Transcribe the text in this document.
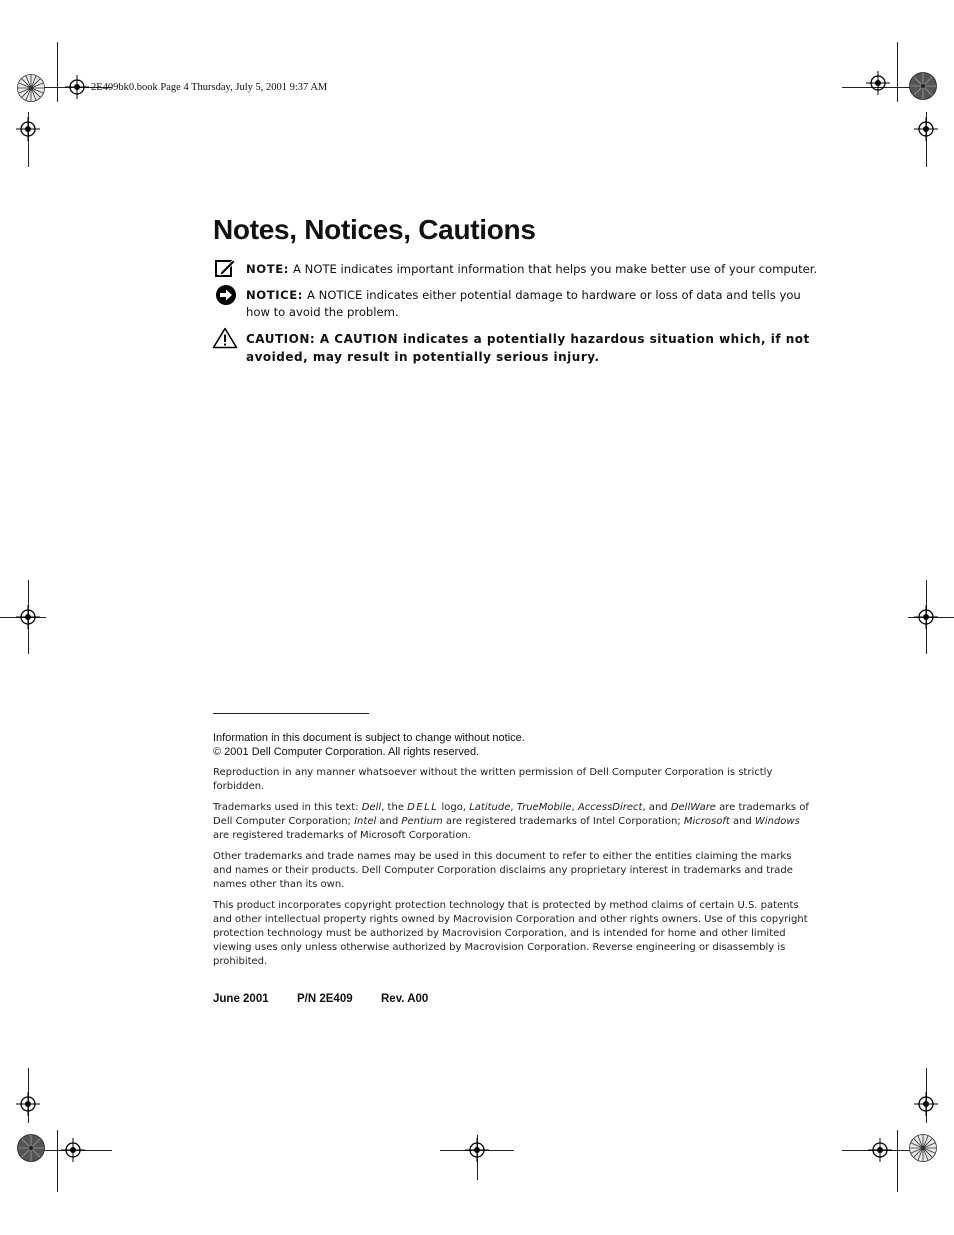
2E409bk0.book Page 4 Thursday, July 5, 2001 9:37 AM
Notes, Notices, Cautions
NOTE: A NOTE indicates important information that helps you make better use of your computer.
NOTICE: A NOTICE indicates either potential damage to hardware or loss of data and tells you how to avoid the problem.
CAUTION: A CAUTION indicates a potentially hazardous situation which, if not avoided, may result in potentially serious injury.
Information in this document is subject to change without notice.
© 2001 Dell Computer Corporation. All rights reserved.
Reproduction in any manner whatsoever without the written permission of Dell Computer Corporation is strictly forbidden.
Trademarks used in this text: Dell, the DELL logo, Latitude, TrueMobile, AccessDirect, and DellWare are trademarks of Dell Computer Corporation; Intel and Pentium are registered trademarks of Intel Corporation; Microsoft and Windows are registered trademarks of Microsoft Corporation.
Other trademarks and trade names may be used in this document to refer to either the entities claiming the marks and names or their products. Dell Computer Corporation disclaims any proprietary interest in trademarks and trade names other than its own.
This product incorporates copyright protection technology that is protected by method claims of certain U.S. patents and other intellectual property rights owned by Macrovision Corporation and other rights owners. Use of this copyright protection technology must be authorized by Macrovision Corporation, and is intended for home and other limited viewing uses only unless otherwise authorized by Macrovision Corporation. Reverse engineering or disassembly is prohibited.
June 2001 P/N 2E409 Rev. A00
